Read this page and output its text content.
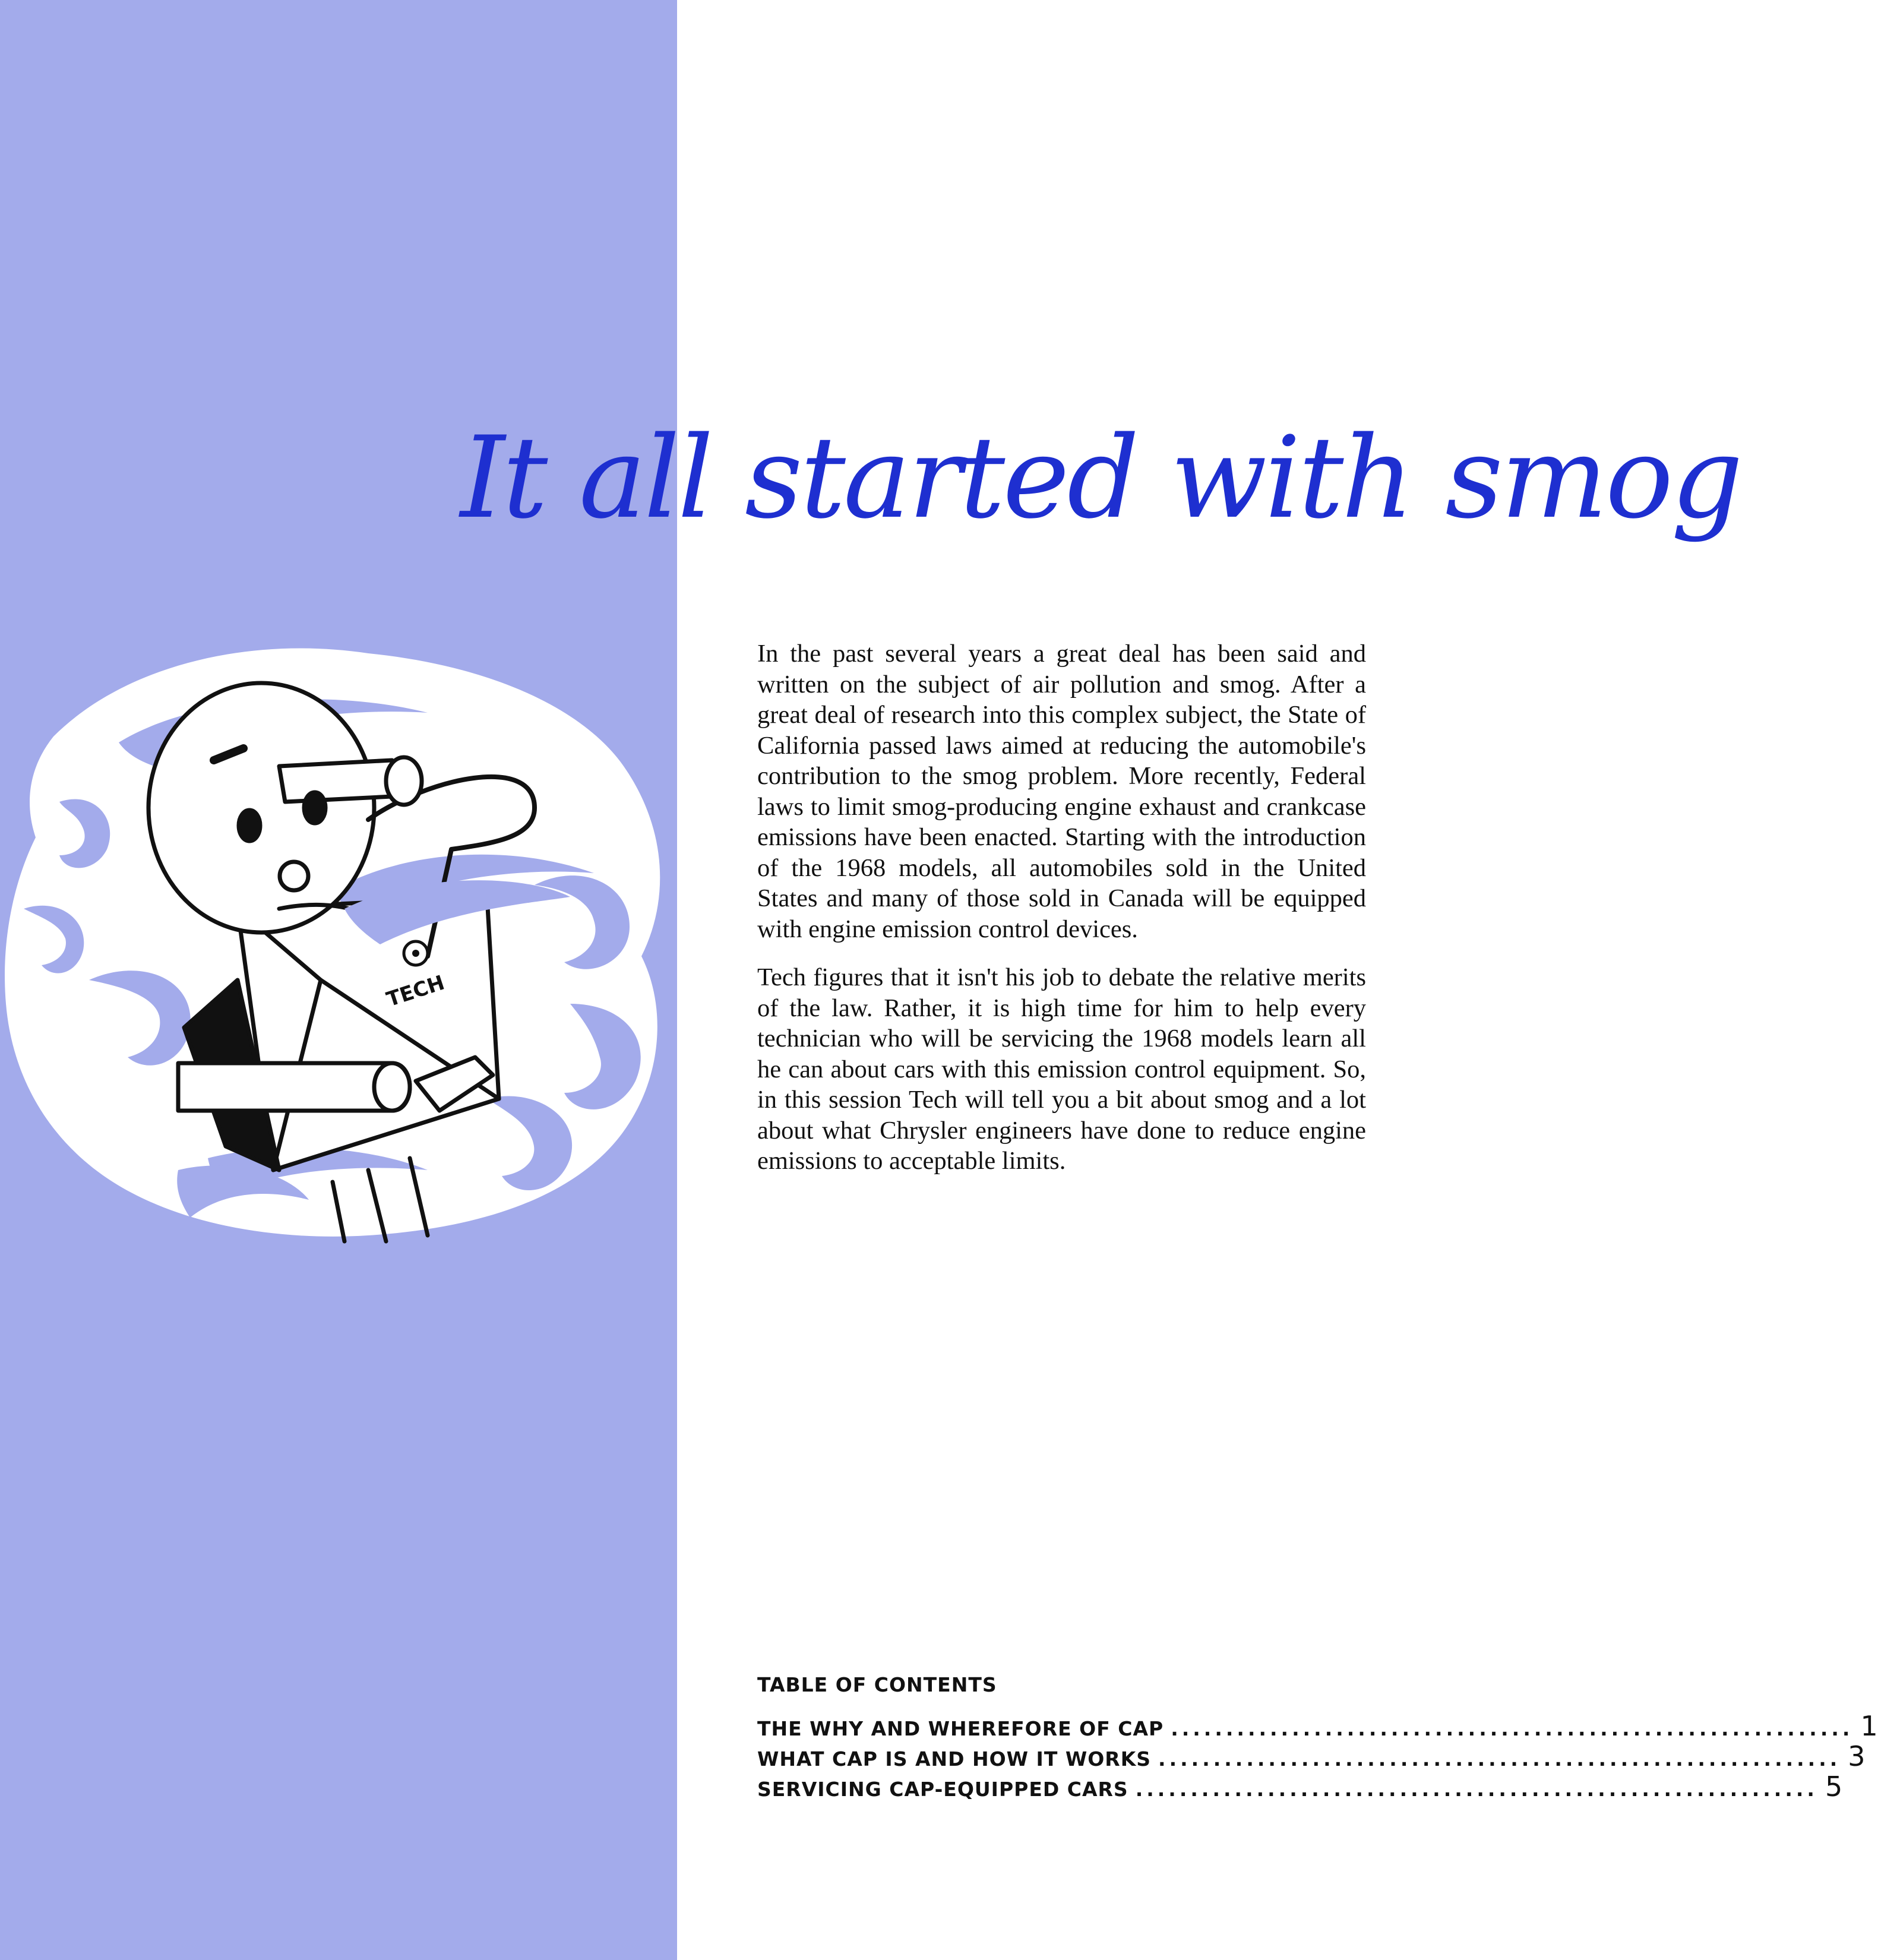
TECH
It all started with smog

In the past several years a great deal has been said and written on the subject of air pollution and smog. After a great deal of research into this complex subject, the State of California passed laws aimed at reducing the automobile's contribution to the smog problem. More recently, Federal laws to limit smog-producing engine exhaust and crankcase emissions have been enacted. Starting with the introduction of the 1968 models, all automobiles sold in the United States and many of those sold in Canada will be equipped with engine emission control devices.

Tech figures that it isn't his job to debate the relative merits of the law. Rather, it is high time for him to help every technician who will be servicing the 1968 models learn all he can about cars with this emission control equipment. So, in this session Tech will tell you a bit about smog and a lot about what Chrysler engineers have done to reduce engine emissions to acceptable limits.

TABLE OF CONTENTS
THE WHY AND WHEREFORE OF CAP .............................................................. 1
WHAT CAP IS AND HOW IT WORKS .............................................................. 3
SERVICING CAP-EQUIPPED CARS .............................................................. 5
